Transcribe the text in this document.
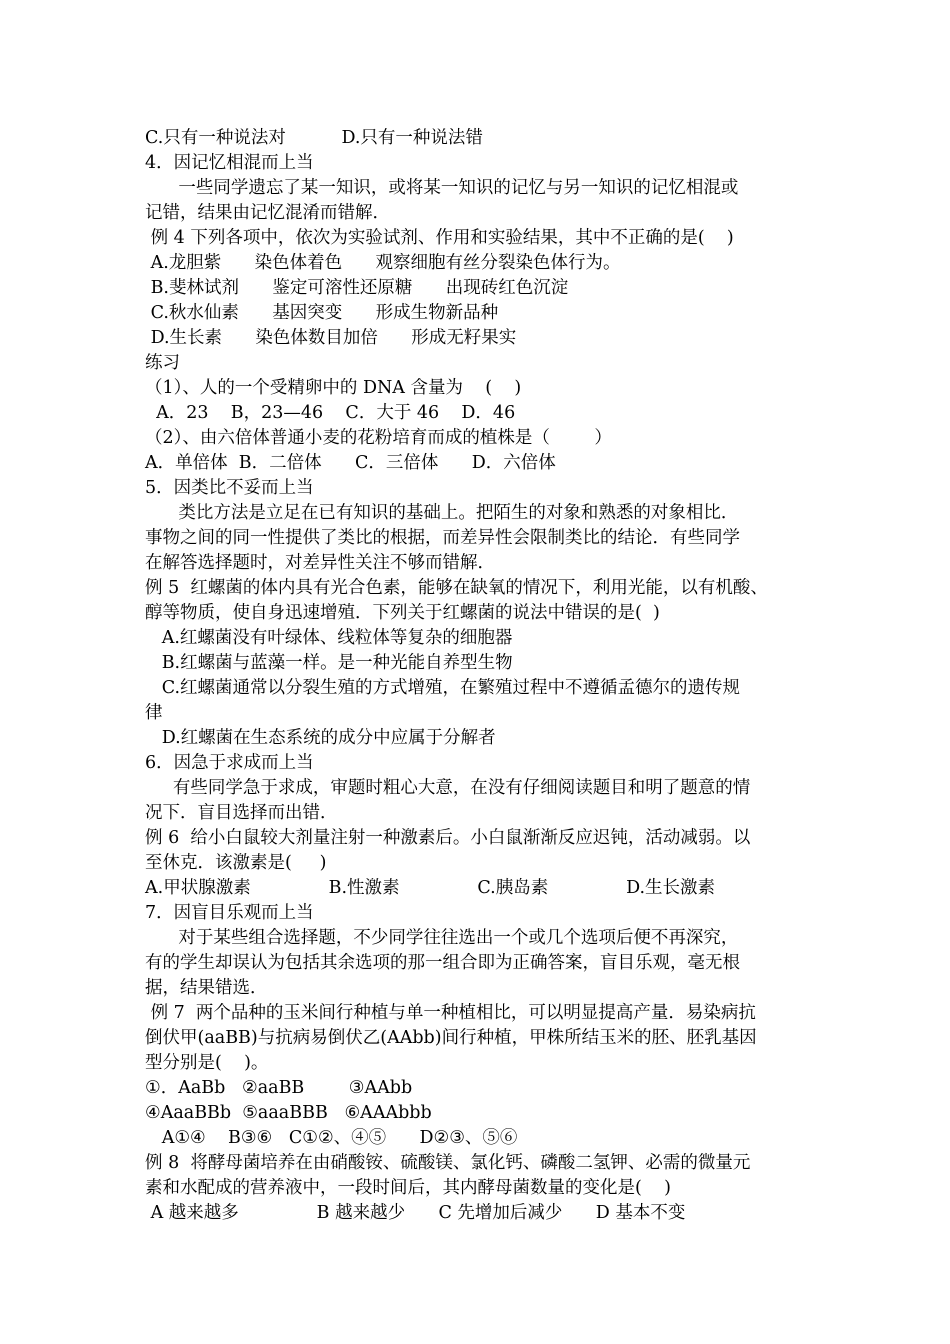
C.只有一种说法对          D.只有一种说法错
4．因记忆相混而上当
一些同学遗忘了某一知识，或将某一知识的记忆与另一知识的记忆相混或
记错，结果由记忆混淆而错解．
例 4 下列各项中，依次为实验试剂、作用和实验结果，其中不正确的是(    )
A.龙胆紫      染色体着色      观察细胞有丝分裂染色体行为。
B.斐林试剂      鉴定可溶性还原糖      出现砖红色沉淀
C.秋水仙素      基因突变      形成生物新品种
D.生长素      染色体数目加倍      形成无籽果实
练习
（1）、人的一个受精卵中的 DNA 含量为    (    )
A．23    B，23—46    C．大于 46    D．46
（2）、由六倍体普通小麦的花粉培育而成的植株是（        ）
A．单倍体  B．二倍体      C．三倍体      D．六倍体
5．因类比不妥而上当
类比方法是立足在已有知识的基础上。把陌生的对象和熟悉的对象相比．
事物之间的同一性提供了类比的根据，而差异性会限制类比的结论．有些同学
在解答选择题时，对差异性关注不够而错解．
例 5  红螺菌的体内具有光合色素，能够在缺氧的情况下，利用光能，以有机酸、
醇等物质，使自身迅速增殖．下列关于红螺菌的说法中错误的是(  )
A.红螺菌没有叶绿体、线粒体等复杂的细胞器
B.红螺菌与蓝藻一样。是一种光能自养型生物
C.红螺菌通常以分裂生殖的方式增殖，在繁殖过程中不遵循孟德尔的遗传规
律
D.红螺菌在生态系统的成分中应属于分解者
6．因急于求成而上当
有些同学急于求成，审题时粗心大意，在没有仔细阅读题目和明了题意的情
况下．盲目选择而出错．
例 6  给小白鼠较大剂量注射一种激素后。小白鼠渐渐反应迟钝，活动减弱。以
至休克．该激素是(     )
A.甲状腺激素              B.性激素              C.胰岛素              D.生长激素
7．因盲目乐观而上当
对于某些组合选择题，不少同学往往选出一个或几个选项后便不再深究，
有的学生却误认为包括其余选项的那一组合即为正确答案，盲目乐观，毫无根
据，结果错选．
例 7  两个品种的玉米间行种植与单一种植相比，可以明显提高产量．易染病抗
倒伏甲(aaBB)与抗病易倒伏乙(AAbb)间行种植，甲株所结玉米的胚、胚乳基因
型分别是(    )。
①．AaBb   ②aaBB        ③AAbb
④AaaBBb  ⑤aaaBBB   ⑥AAAbbb
A①④    B③⑥   C①②、④⑤      D②③、⑤⑥
例 8  将酵母菌培养在由硝酸铵、硫酸镁、氯化钙、磷酸二氢钾、必需的微量元
素和水配成的营养液中，一段时间后，其内酵母菌数量的变化是(    )
A 越来越多              B 越来越少      C 先增加后减少      D 基本不变
